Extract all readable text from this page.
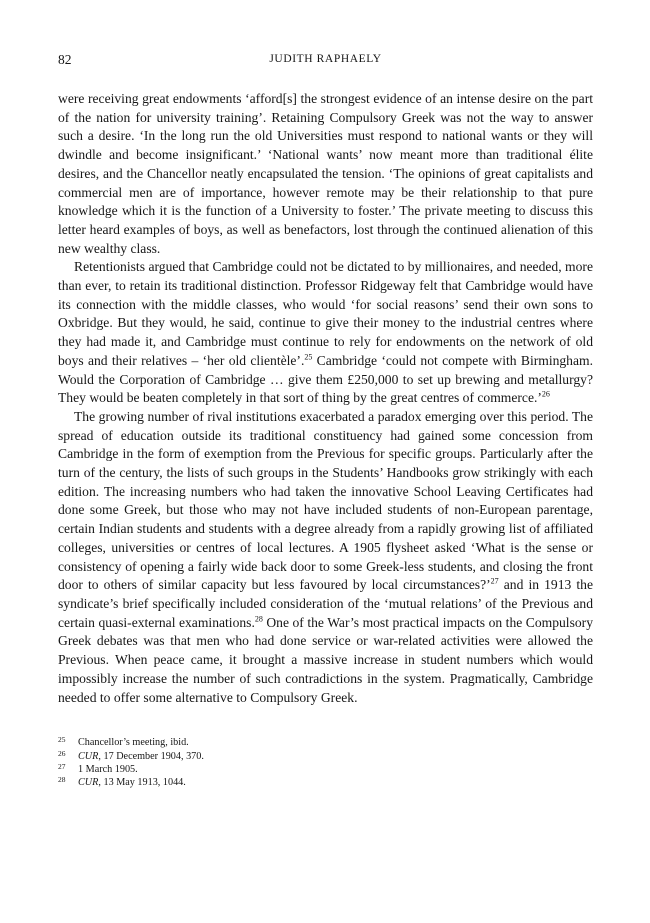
82	JUDITH RAPHAELY

were receiving great endowments ‘afford[s] the strongest evidence of an intense desire on the part of the nation for university training’. Retaining Compulsory Greek was not the way to answer such a desire. ‘In the long run the old Universities must respond to national wants or they will dwindle and become insignificant.’ ‘National wants’ now meant more than traditional élite desires, and the Chancellor neatly encapsulated the tension. ‘The opinions of great capitalists and commercial men are of importance, however remote may be their relationship to that pure knowledge which it is the function of a University to foster.’ The private meeting to discuss this letter heard examples of boys, as well as benefactors, lost through the continued alienation of this new wealthy class.

Retentionists argued that Cambridge could not be dictated to by millionaires, and needed, more than ever, to retain its traditional distinction. Professor Ridgeway felt that Cambridge would have its connection with the middle classes, who would ‘for social reasons’ send their own sons to Oxbridge. But they would, he said, continue to give their money to the industrial centres where they had made it, and Cambridge must continue to rely for endowments on the network of old boys and their relatives – ‘her old clientèle’.$^{25}$ Cambridge ‘could not compete with Birmingham. Would the Corporation of Cambridge … give them £250,000 to set up brewing and metallurgy? They would be beaten completely in that sort of thing by the great centres of commerce.’$^{26}$

The growing number of rival institutions exacerbated a paradox emerging over this period. The spread of education outside its traditional constituency had gained some concession from Cambridge in the form of exemption from the Previous for specific groups. Particularly after the turn of the century, the lists of such groups in the Students’ Handbooks grow strikingly with each edition. The increasing numbers who had taken the innovative School Leaving Certificates had done some Greek, but those who may not have included students of non-European parentage, certain Indian students and students with a degree already from a rapidly growing list of affiliated colleges, universities or centres of local lectures. A 1905 flysheet asked ‘What is the sense or consistency of opening a fairly wide back door to some Greek-less students, and closing the front door to others of similar capacity but less favoured by local circumstances?’$^{27}$ and in 1913 the syndicate’s brief specifically included consideration of the ‘mutual relations’ of the Previous and certain quasi-external examinations.$^{28}$ One of the War’s most practical impacts on the Compulsory Greek debates was that men who had done service or war-related activities were allowed the Previous. When peace came, it brought a massive increase in student numbers which would impossibly increase the number of such contradictions in the system. Pragmatically, Cambridge needed to offer some alternative to Compulsory Greek.

25	Chancellor’s meeting, ibid.
26	CUR, 17 December 1904, 370.
27	1 March 1905.
28	CUR, 13 May 1913, 1044.
